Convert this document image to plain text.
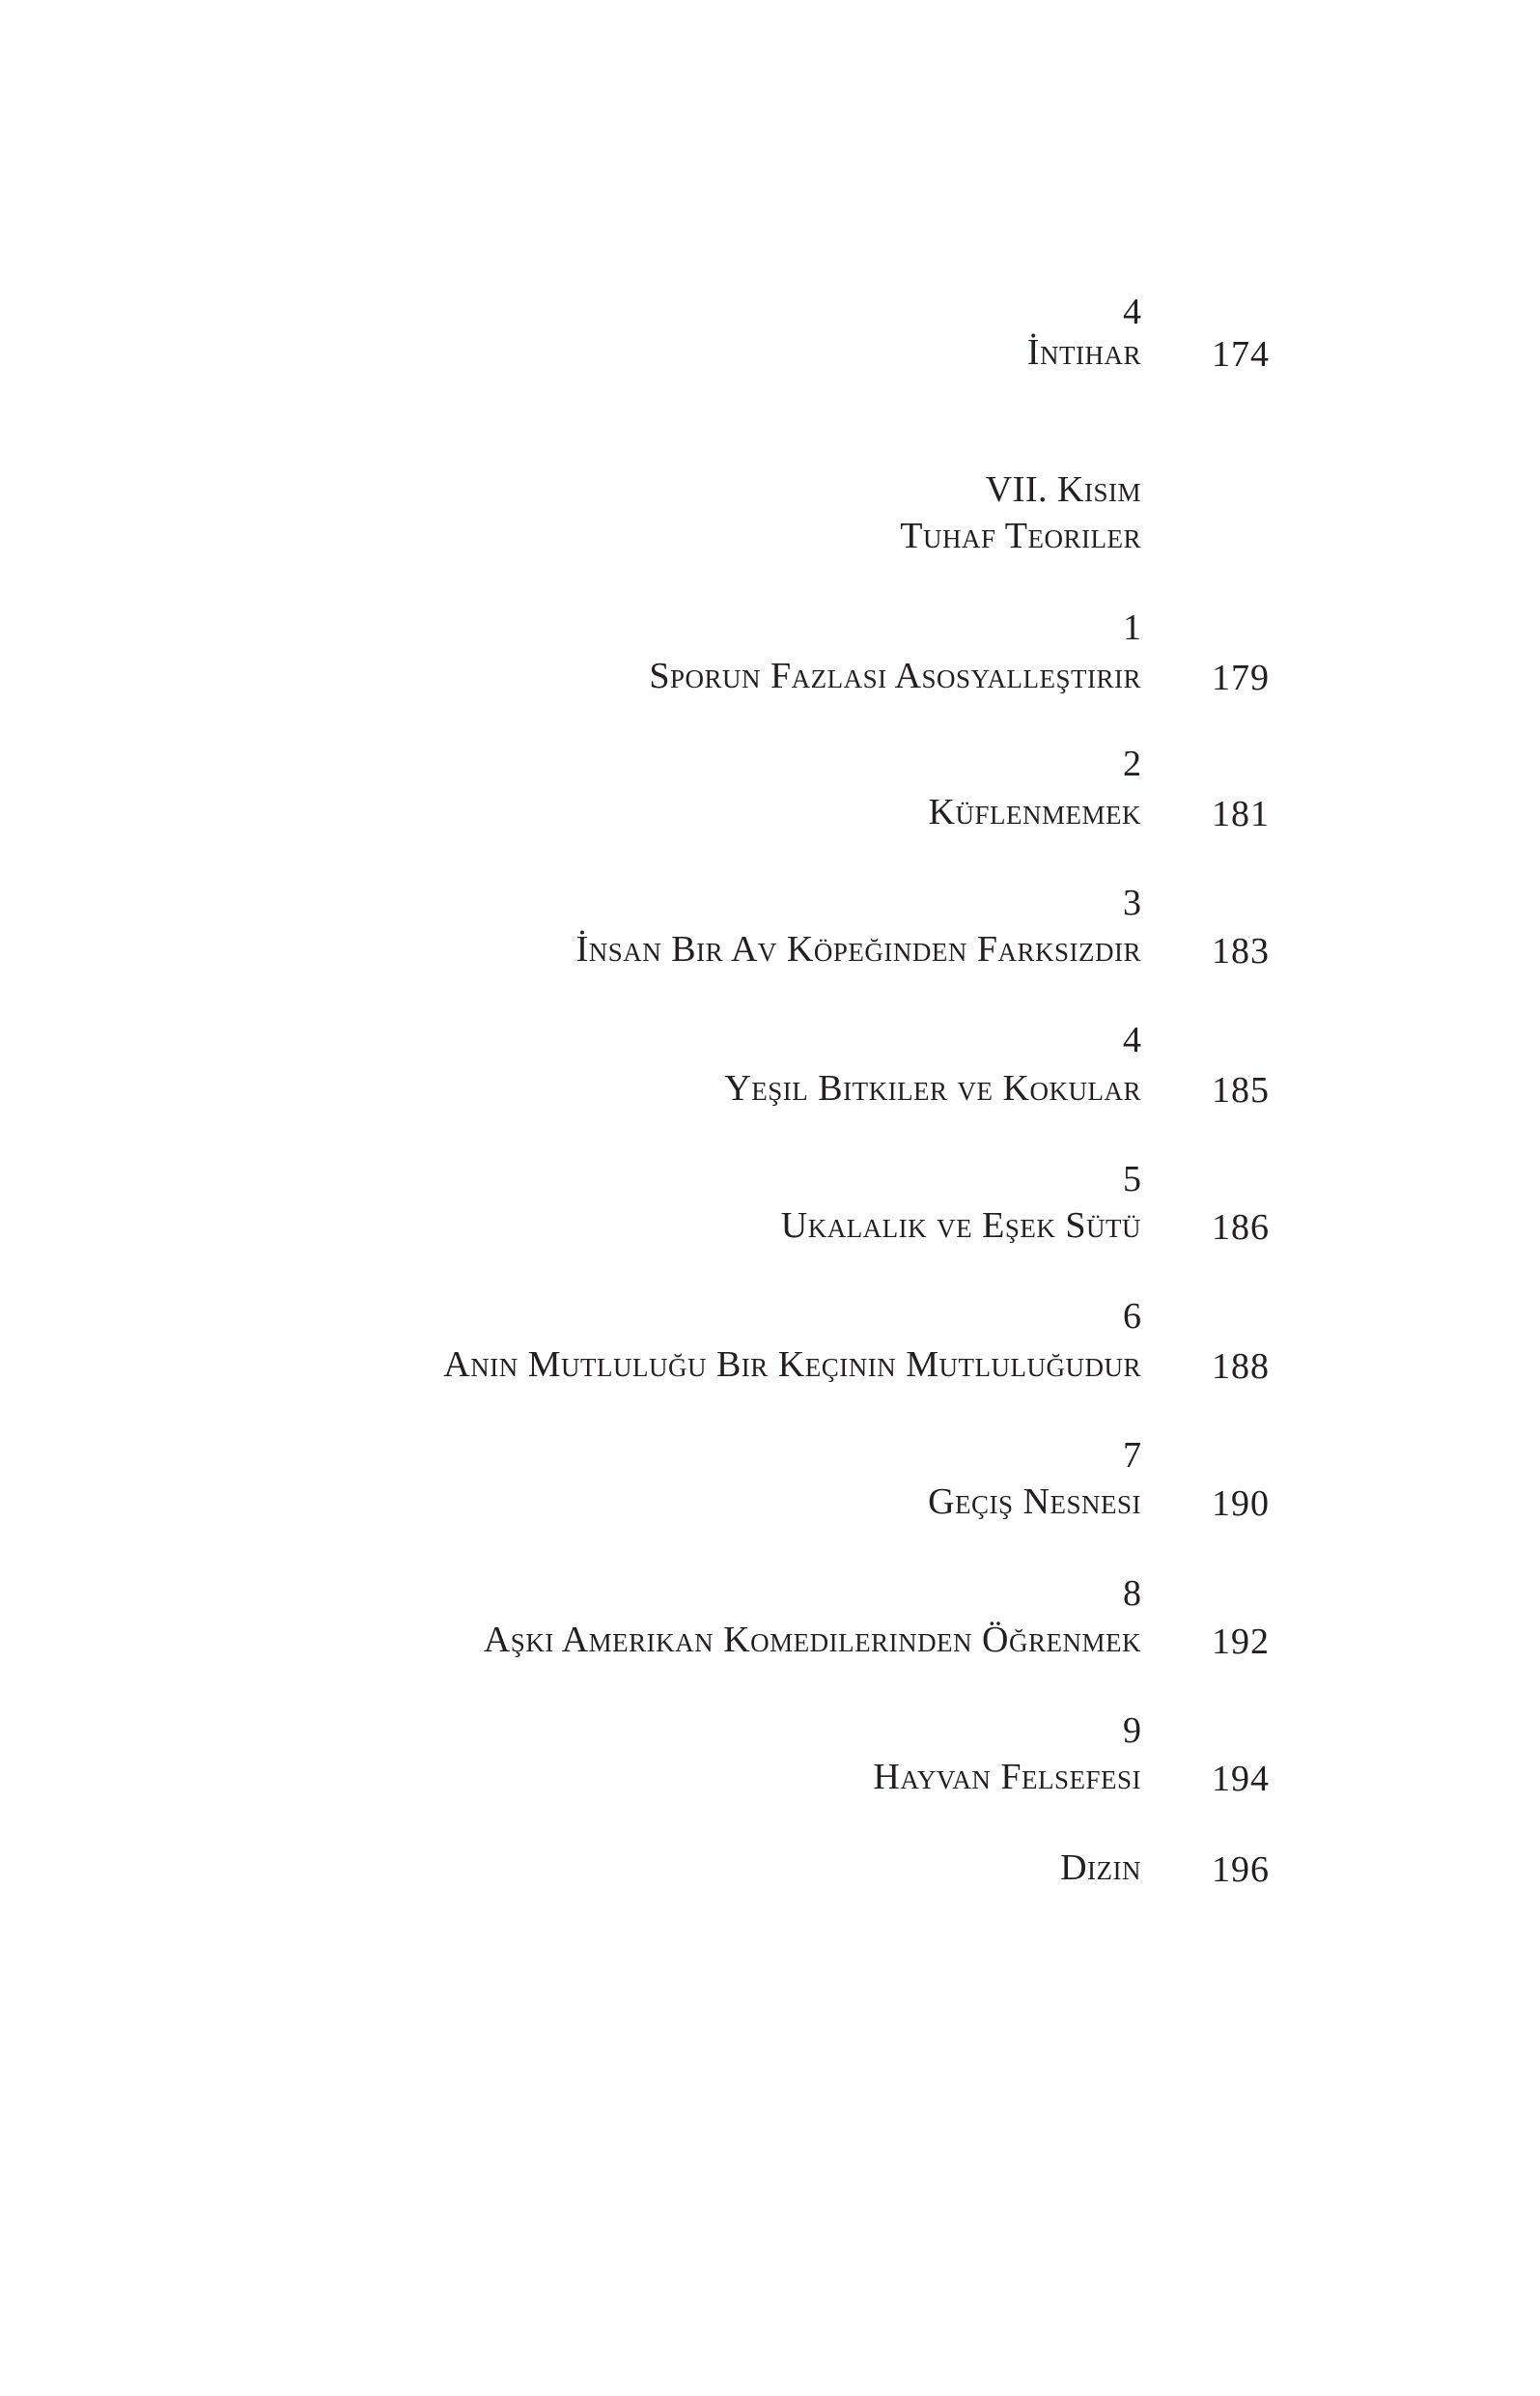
4
İntihar 174
VII. Kısım
Tuhaf Teoriler
1
Sporun Fazlası Asosyalleştirir 179
2
Küflenmemek 181
3
İnsan Bir Av Köpeğinden Farksızdır 183
4
Yeşil Bitkiler ve Kokular 185
5
Ukalalık ve Eşek Sütü 186
6
Anın Mutluluğu Bir Keçinin Mutluluğudur 188
7
Geçiş Nesnesi 190
8
Aşkı Amerikan Komedilerinden Öğrenmek 192
9
Hayvan Felsefesi 194
Dizin 196
